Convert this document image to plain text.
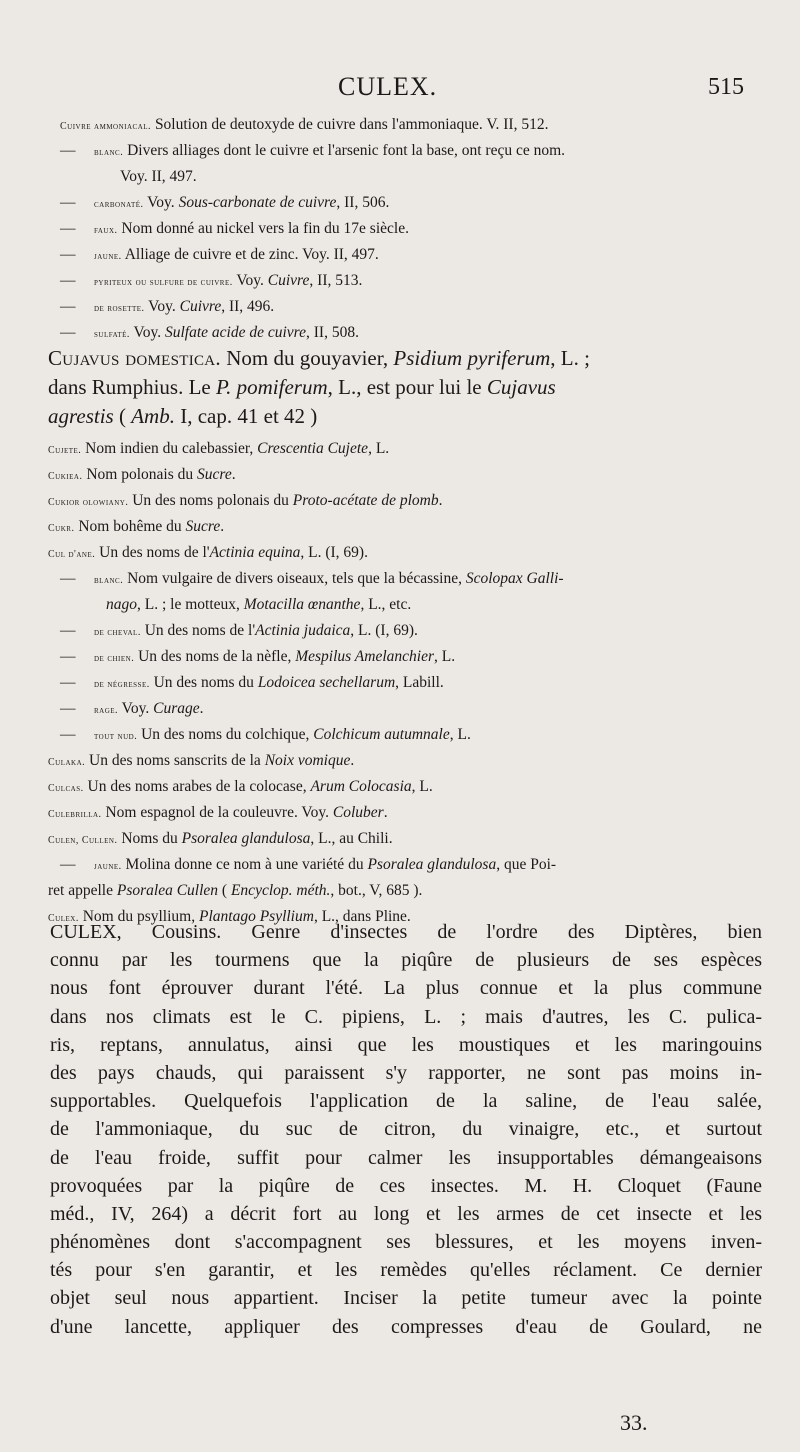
CULEX.	515
Cuivre ammoniacal. Solution de deutoxyde de cuivre dans l'ammoniaque. V. II, 512.
— blanc. Divers alliages dont le cuivre et l'arsenic font la base, ont reçu ce nom.
Voy. II, 497.
— carbonaté. Voy. Sous-carbonate de cuivre, II, 506.
— faux. Nom donné au nickel vers la fin du 17e siècle.
— jaune. Alliage de cuivre et de zinc. Voy. II, 497.
— pyriteux ou sulfure de cuivre. Voy. Cuivre, II, 513.
— de rosette. Voy. Cuivre, II, 496.
— sulfaté. Voy. Sulfate acide de cuivre, II, 508.
Cujavus domestica. Nom du gouyavier, Psidium pyriferum, L. ;
dans Rumphius. Le P. pomiferum, L., est pour lui le Cujavus
agrestis ( Amb. I, cap. 41 et 42 )
Cujete. Nom indien du calebassier, Crescentia Cujete, L.
Cukiea. Nom polonais du Sucre.
Cukior olowiany. Un des noms polonais du Proto-acétate de plomb.
Cukr. Nom bohême du Sucre.
Cul d'ane. Un des noms de l'Actinia equina, L. (I, 69).
— blanc. Nom vulgaire de divers oiseaux, tels que la bécassine, Scolopax Galli-
nago, L. ; le motteux, Motacilla œnanthe, L., etc.
— de cheval. Un des noms de l'Actinia judaica, L. (I, 69).
— de chien. Un des noms de la nèfle, Mespilus Amelanchier, L.
— de négresse. Un des noms du Lodoicea sechellarum, Labill.
— rage. Voy. Curage.
— tout nud. Un des noms du colchique, Colchicum autumnale, L.
Culaka. Un des noms sanscrits de la Noix vomique.
Culcas. Un des noms arabes de la colocase, Arum Colocasia, L.
Culebrilla. Nom espagnol de la couleuvre. Voy. Coluber.
Culen, Cullen. Noms du Psoralea glandulosa, L., au Chili.
— jaune. Molina donne ce nom à une variété du Psoralea glandulosa, que Poi-
ret appelle Psoralea Cullen ( Encyclop. méth., bot., V, 685 ).
Culex. Nom du psyllium, Plantago Psyllium, L., dans Pline.
CULEX, Cousins. Genre d'insectes de l'ordre des Diptères, bien
connu par les tourmens que la piqûre de plusieurs de ses espèces
nous font éprouver durant l'été. La plus connue et la plus commune
dans nos climats est le C. pipiens, L. ; mais d'autres, les C. pulica-
ris, reptans, annulatus, ainsi que les moustiques et les maringouins
des pays chauds, qui paraissent s'y rapporter, ne sont pas moins in-
supportables. Quelquefois l'application de la saline, de l'eau salée,
de l'ammoniaque, du suc de citron, du vinaigre, etc., et surtout
de l'eau froide, suffit pour calmer les insupportables démangeaisons
provoquées par la piqûre de ces insectes. M. H. Cloquet (Faune
méd., IV, 264) a décrit fort au long et les armes de cet insecte et les
phénomènes dont s'accompagnent ses blessures, et les moyens inven-
tés pour s'en garantir, et les remèdes qu'elles réclament. Ce dernier
objet seul nous appartient. Inciser la petite tumeur avec la pointe
d'une lancette, appliquer des compresses d'eau de Goulard, ne
33.
